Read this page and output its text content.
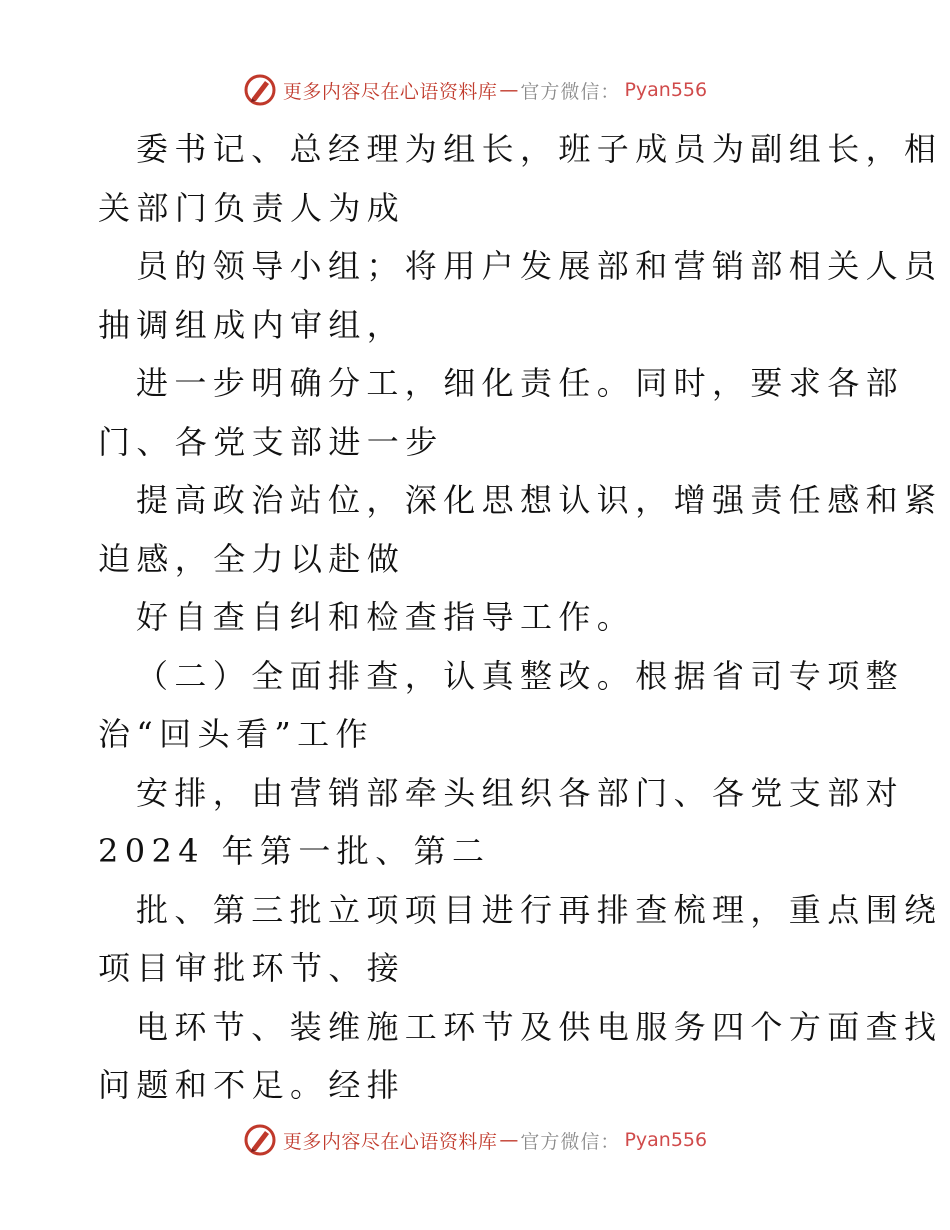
更多内容尽在心语资料库 — 官方微信： Pyan556
委书记、总经理为组长，班子成员为副组长，相
关部门负责人为成
员的领导小组；将用户发展部和营销部相关人员
抽调组成内审组，
进一步明确分工，细化责任。同时，要求各部
门、各党支部进一步
提高政治站位，深化思想认识，增强责任感和紧
迫感，全力以赴做
好自查自纠和检查指导工作。
（二）全面排查，认真整改。根据省司专项整
治“回头看”工作
安排，由营销部牵头组织各部门、各党支部对
2024 年第一批、第二
批、第三批立项项目进行再排查梳理，重点围绕
项目审批环节、接
电环节、装维施工环节及供电服务四个方面查找
问题和不足。经排
更多内容尽在心语资料库 — 官方微信： Pyan556
